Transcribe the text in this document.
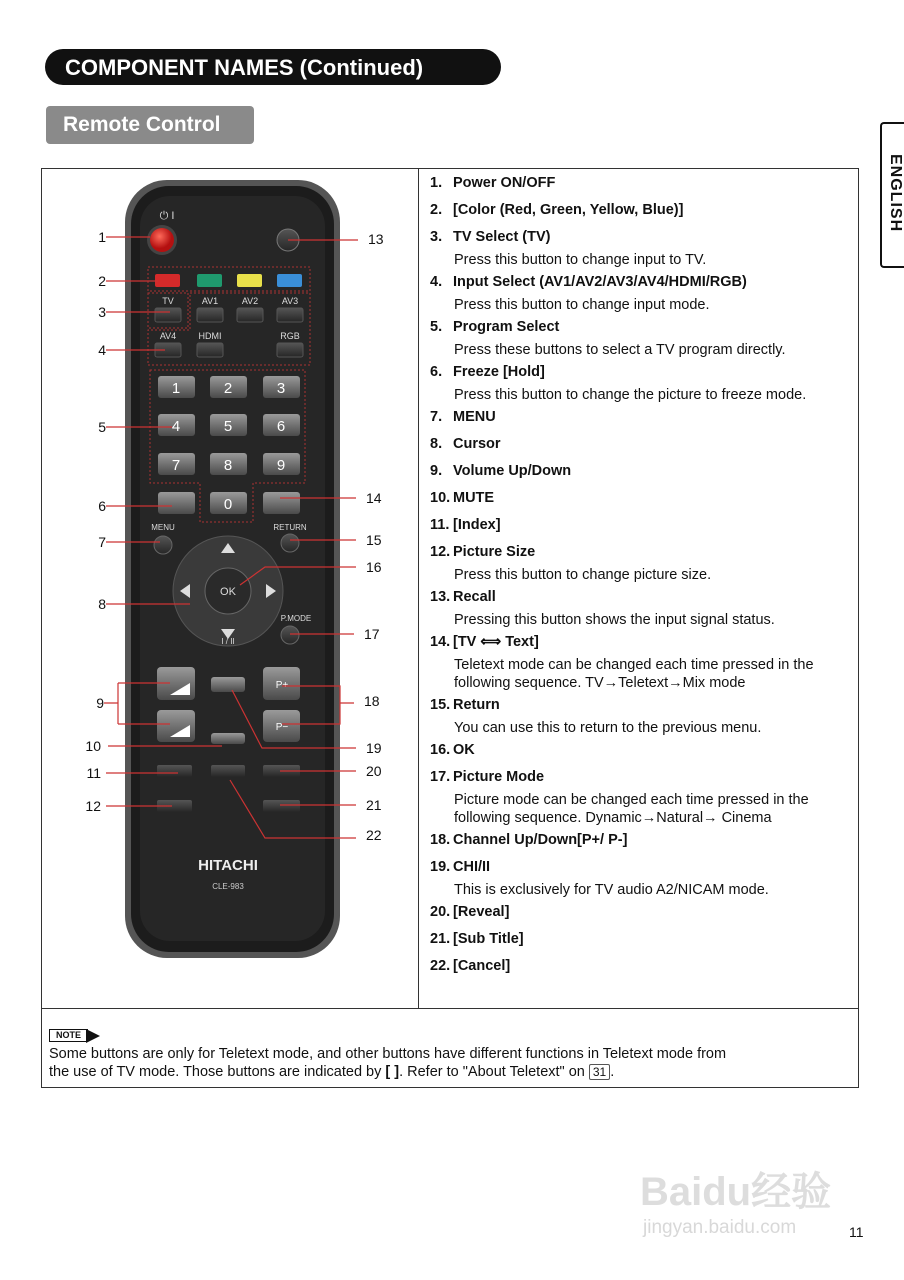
COMPONENT NAMES (Continued)
Remote Control
ENGLISH
⏻ I
TV	AV1	AV2	AV3
AV4 HDMI	RGB
1	2	3
4	5	6
7	8	9
0
MENU	RETURN
OK
P.MODE
I / II
P+
P−
HITACHI
CLE-983
1
2
3
4
5
6
7
8
9
10
11
12
13
14
15
16
17
18
19
20
21
22
1. Power ON/OFF
2. [Color (Red, Green, Yellow, Blue)]
3. TV Select (TV)
Press this button to change input to TV.
4. Input Select (AV1/AV2/AV3/AV4/HDMI/RGB)
Press this button to change input mode.
5. Program Select
Press these buttons to select a TV program directly.
6. Freeze [Hold]
Press this button to change the picture to freeze mode.
7. MENU
8. Cursor
9. Volume Up/Down
10. MUTE
11. [Index]
12. Picture Size
Press this button to change picture size.
13. Recall
Pressing this button shows the input signal status.
14. [TV ⟺ Text]
Teletext mode can be changed each time pressed in the following sequence. TV→Teletext→Mix mode
15. Return
You can use this to return to the previous menu.
16. OK
17. Picture Mode
Picture mode can be changed each time pressed in the following sequence. Dynamic→Natural→ Cinema
18. Channel Up/Down[P+/ P-]
19. CHI/II
This is exclusively for TV audio A2/NICAM mode.
20. [Reveal]
21. [Sub Title]
22. [Cancel]
NOTE
Some buttons are only for Teletext mode, and other buttons have different functions in Teletext mode from
the use of TV mode. Those buttons are indicated by [ ]. Refer to "About Teletext" on 31 .
Baidu经验
jingyan.baidu.com	11
